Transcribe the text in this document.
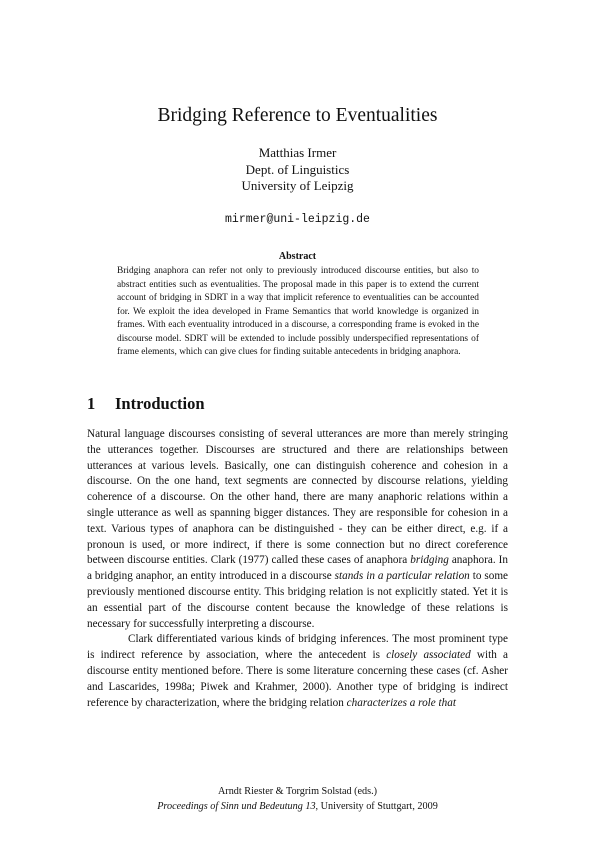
Bridging Reference to Eventualities
Matthias Irmer
Dept. of Linguistics
University of Leipzig
mirmer@uni-leipzig.de
Abstract

Bridging anaphora can refer not only to previously introduced discourse entities, but also to abstract entities such as eventualities. The proposal made in this paper is to extend the current account of bridging in SDRT in a way that implicit reference to eventualities can be accounted for. We exploit the idea developed in Frame Semantics that world knowledge is organized in frames. With each eventuality introduced in a discourse, a corresponding frame is evoked in the discourse model. SDRT will be extended to include possibly underspecified representations of frame elements, which can give clues for finding suitable antecedents in bridging anaphora.

1 Introduction

Natural language discourses consisting of several utterances are more than merely stringing the utterances together. Discourses are structured and there are relationships between utterances at various levels. Basically, one can distinguish coherence and cohesion in a discourse. On the one hand, text segments are connected by discourse relations, yielding coherence of a discourse. On the other hand, there are many anaphoric relations within a single utterance as well as spanning bigger distances. They are responsible for cohesion in a text. Various types of anaphora can be distinguished - they can be either direct, e.g. if a pronoun is used, or more indirect, if there is some connection but no direct coreference between discourse entities. Clark (1977) called these cases of anaphora bridging anaphora. In a bridging anaphor, an entity introduced in a discourse stands in a particular relation to some previously mentioned discourse entity. This bridging relation is not explicitly stated. Yet it is an essential part of the discourse content because the knowledge of these relations is necessary for successfully interpreting a discourse.

Clark differentiated various kinds of bridging inferences. The most prominent type is indirect reference by association, where the antecedent is closely associated with a discourse entity mentioned before. There is some literature concerning these cases (cf. Asher and Lascarides, 1998a; Piwek and Krahmer, 2000). Another type of bridging is indirect reference by characterization, where the bridging relation characterizes a role that

Arndt Riester & Torgrim Solstad (eds.)
Proceedings of Sinn und Bedeutung 13, University of Stuttgart, 2009
